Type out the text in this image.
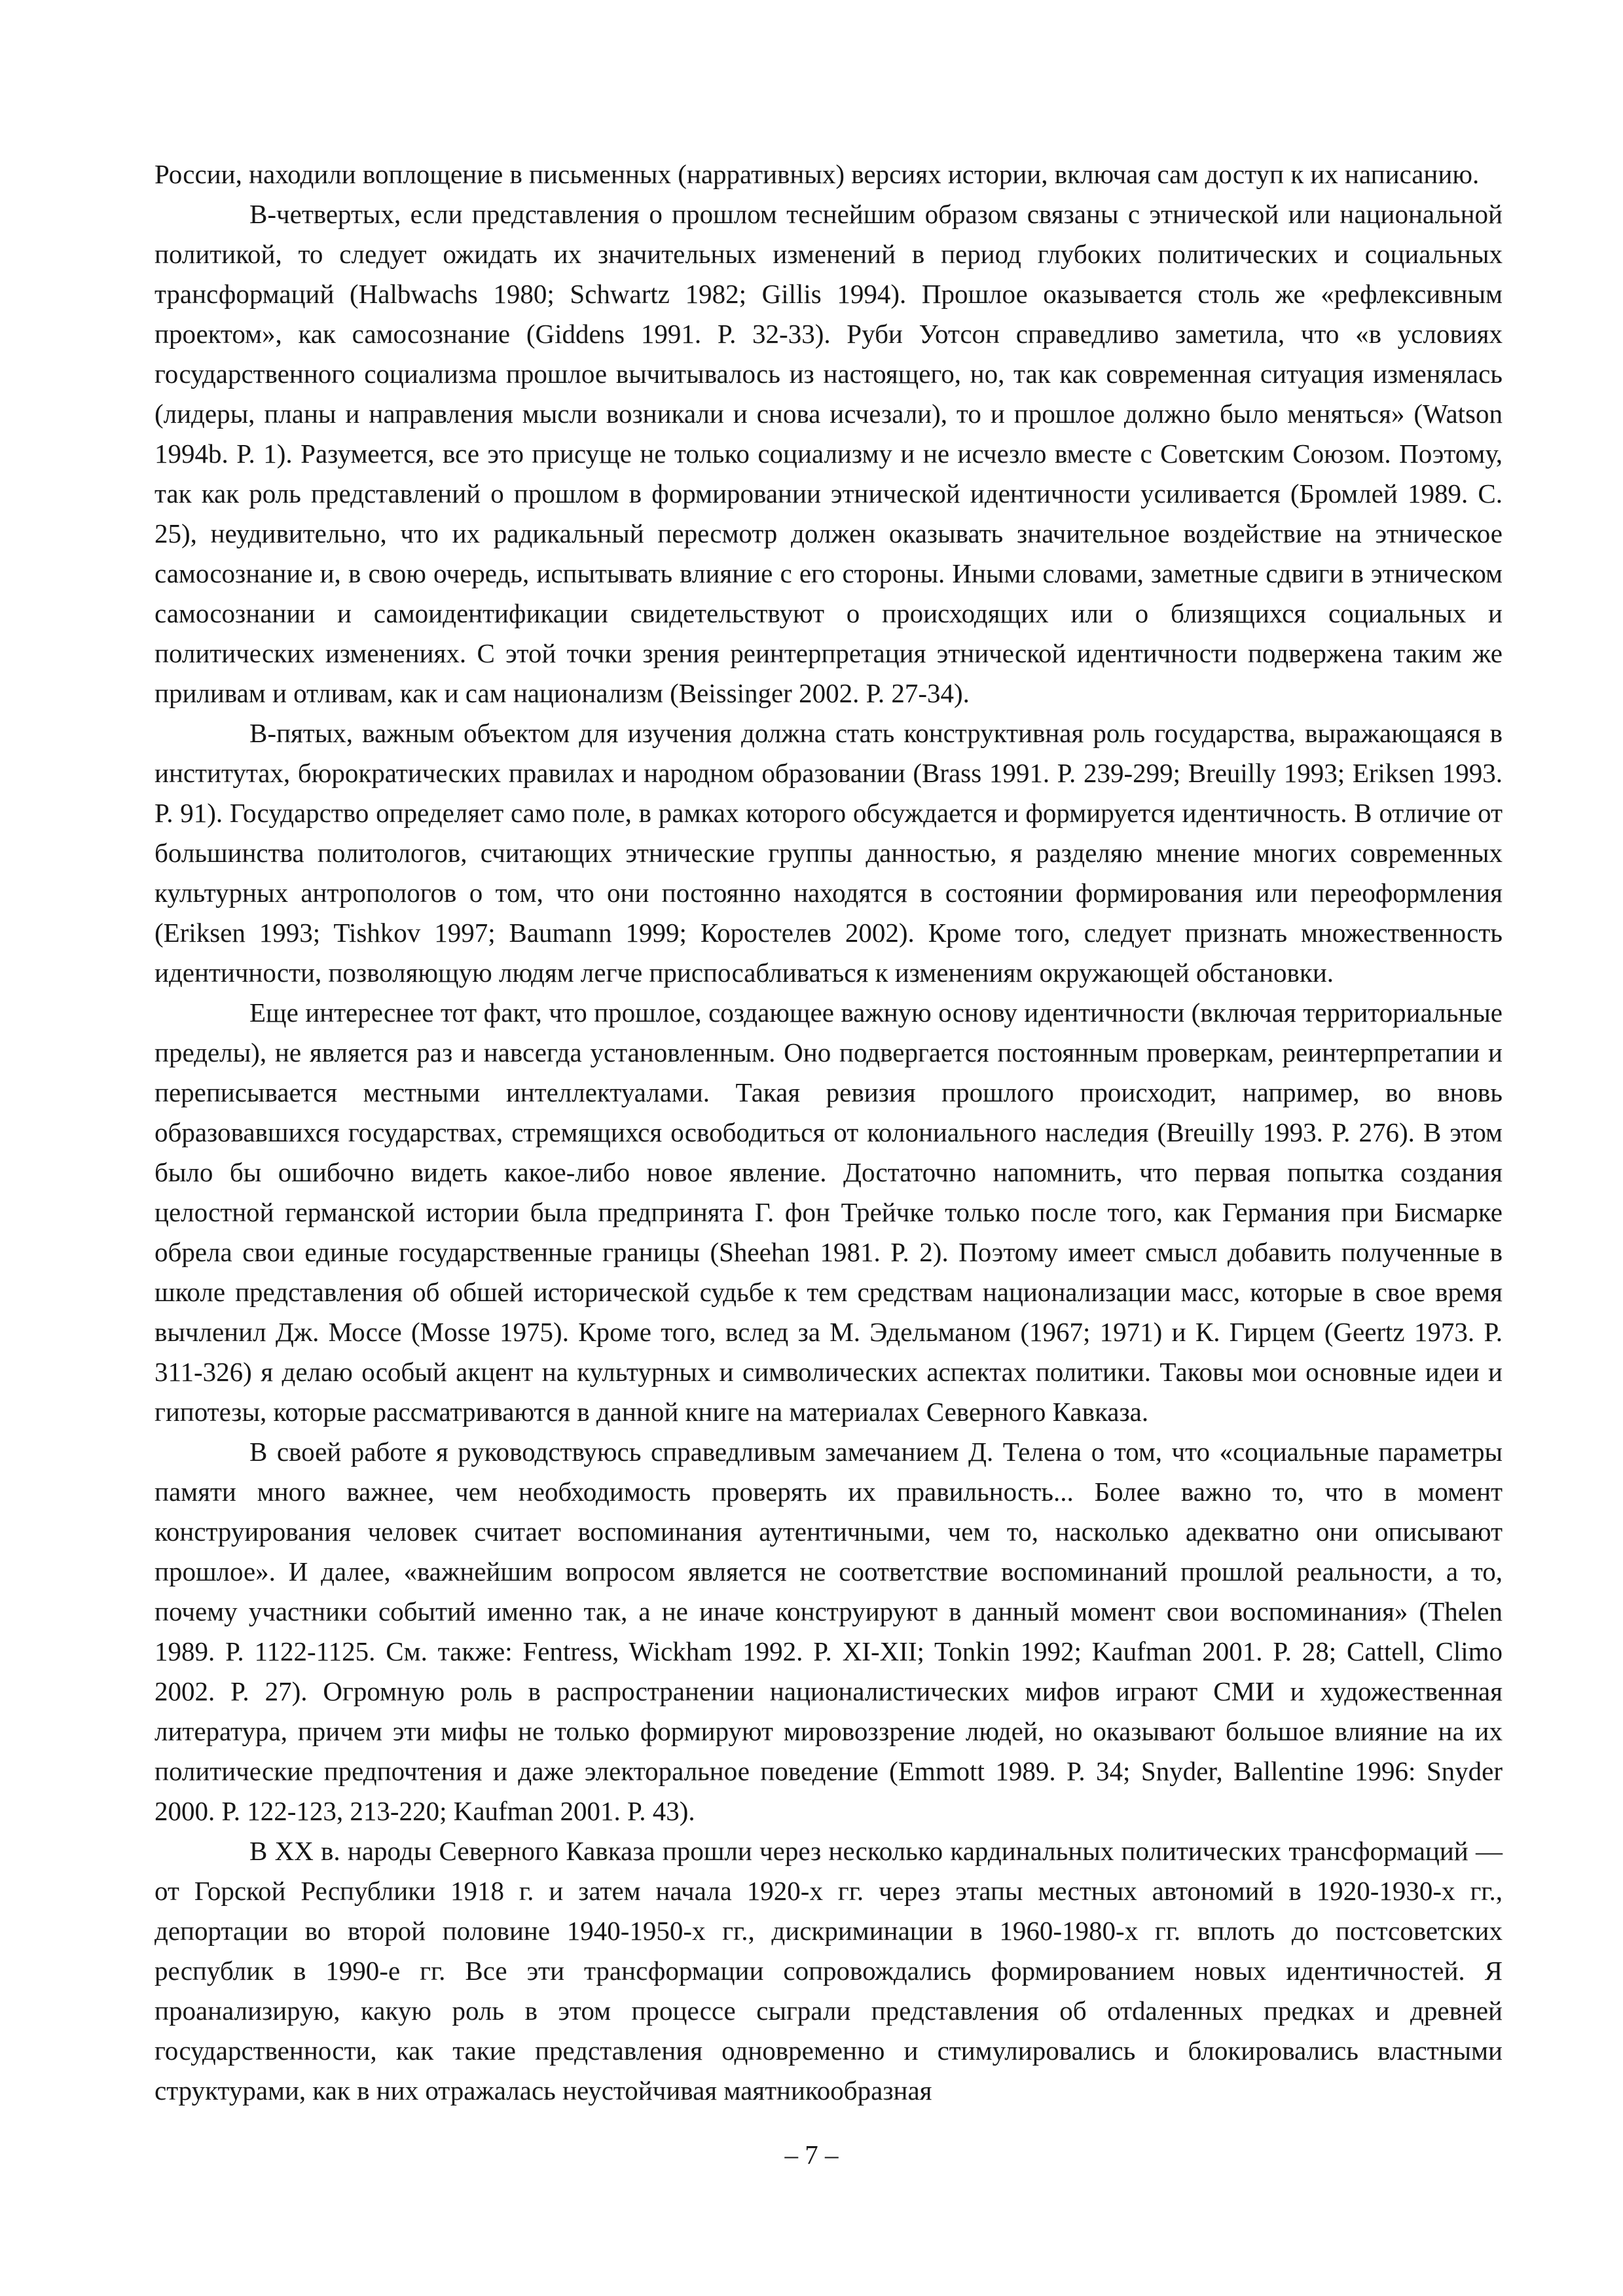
России, находили воплощение в письменных (нарративных) версиях истории, включая сам доступ к их написанию.

В-четвертых, если представления о прошлом теснейшим образом связаны с этнической или национальной политикой, то следует ожидать их значительных изменений в период глубоких политических и социальных трансформаций (Halbwachs 1980; Schwartz 1982; Gillis 1994). Прошлое оказывается столь же «рефлексивным проектом», как самосознание (Giddens 1991. P. 32-33). Руби Уотсон справедливо заметила, что «в условиях государственного социализма прошлое вычитывалось из настоящего, но, так как современная ситуация изменялась (лидеры, планы и направления мысли возникали и снова исчезали), то и прошлое должно было меняться» (Watson 1994b. P. 1). Разумеется, все это присуще не только социализму и не исчезло вместе с Советским Союзом. Поэтому, так как роль представлений о прошлом в формировании этнической идентичности усиливается (Бромлей 1989. С. 25), неудивительно, что их радикальный пересмотр должен оказывать значительное воздействие на этническое самосознание и, в свою очередь, испытывать влияние с его стороны. Иными словами, заметные сдвиги в этническом самосознании и самоидентификации свидетельствуют о происходящих или о близящихся социальных и политических изменениях. С этой точки зрения реинтерпретация этнической идентичности подвержена таким же приливам и отливам, как и сам национализм (Beissinger 2002. P. 27-34).

В-пятых, важным объектом для изучения должна стать конструктивная роль государства, выражающаяся в институтах, бюрократических правилах и народном образовании (Brass 1991. P. 239-299; Breuilly 1993; Eriksen 1993. P. 91). Государство определяет само поле, в рамках которого обсуждается и формируется идентичность. В отличие от большинства политологов, считающих этнические группы данностью, я разделяю мнение многих современных культурных антропологов о том, что они постоянно находятся в состоянии формирования или переоформления (Eriksen 1993; Tishkov 1997; Baumann 1999; Коростелев 2002). Кроме того, следует признать множественность идентичности, позволяющую людям легче приспосабливаться к изменениям окружающей обстановки.

Еще интереснее тот факт, что прошлое, создающее важную основу идентичности (включая территориальные пределы), не является раз и навсегда установленным. Оно подвергается постоянным проверкам, реинтерпретапии и переписывается местными интеллектуалами. Такая ревизия прошлого происходит, например, во вновь образовавшихся государствах, стремящихся освободиться от колониального наследия (Breuilly 1993. P. 276). В этом было бы ошибочно видеть какое-либо новое явление. Достаточно напомнить, что первая попытка создания целостной германской истории была предпринята Г. фон Трейчке только после того, как Германия при Бисмарке обрела свои единые государственные границы (Sheehan 1981. P. 2). Поэтому имеет смысл добавить полученные в школе представления об обшей исторической судьбе к тем средствам национализации масс, которые в свое время вычленил Дж. Моссе (Mosse 1975). Кроме того, вслед за М. Эдельманом (1967; 1971) и К. Гирцем (Geertz 1973. P. 311-326) я делаю особый акцент на культурных и символических аспектах политики. Таковы мои основные идеи и гипотезы, которые рассматриваются в данной книге на материалах Северного Кавказа.

В своей работе я руководствуюсь справедливым замечанием Д. Телена о том, что «социальные параметры памяти много важнее, чем необходимость проверять их правильность... Более важно то, что в момент конструирования человек считает воспоминания аутентичными, чем то, насколько адекватно они описывают прошлое». И далее, «важнейшим вопросом является не соответствие воспоминаний прошлой реальности, а то, почему участники событий именно так, а не иначе конструируют в данный момент свои воспоминания» (Thelen 1989. P. 1122-1125. См. также: Fentress, Wickham 1992. P. XI-XII; Tonkin 1992; Kaufman 2001. P. 28; Cattell, Climo 2002. P. 27). Огромную роль в распространении националистических мифов играют СМИ и художественная литература, причем эти мифы не только формируют мировоззрение людей, но оказывают большое влияние на их политические предпочтения и даже электоральное поведение (Emmott 1989. P. 34; Snyder, Ballentine 1996: Snyder 2000. P. 122-123, 213-220; Kaufman 2001. P. 43).

В XX в. народы Северного Кавказа прошли через несколько кардинальных политических трансформаций — от Горской Республики 1918 г. и затем начала 1920-х гг. через этапы местных автономий в 1920-1930-х гг., депортации во второй половине 1940-1950-х гг., дискриминации в 1960-1980-х гг. вплоть до постсоветских республик в 1990-е гг. Все эти трансформации сопровождались формированием новых идентичностей. Я проанализирую, какую роль в этом процессе сыграли представления об отdаленных предках и древней государственности, как такие представления одновременно и стимулировались и блокировались властными структурами, как в них отражалась неустойчивая маятникообразная

– 7 –
